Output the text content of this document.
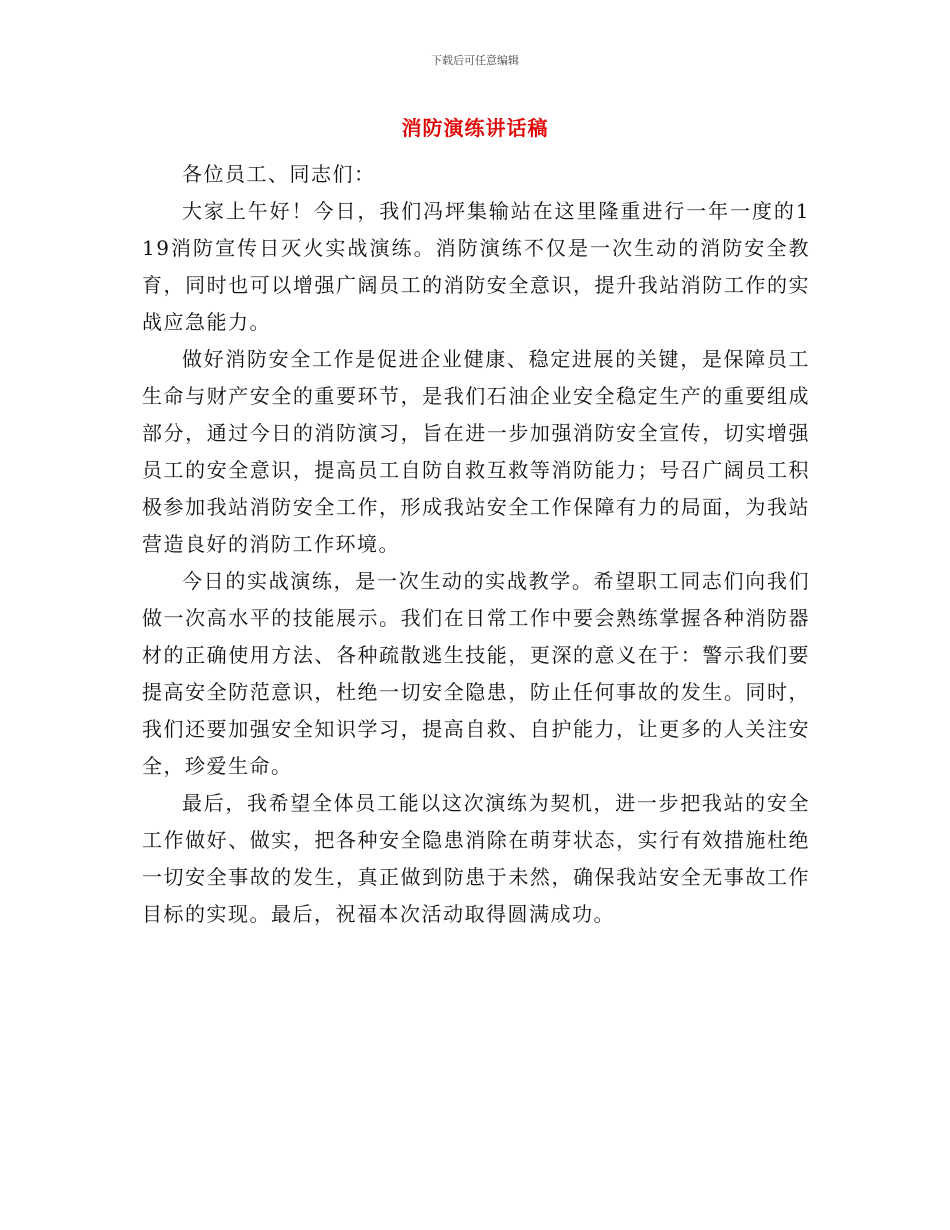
下载后可任意编辑
消防演练讲话稿

各位员工、同志们：

大家上午好！今日，我们冯坪集输站在这里隆重进行一年一度的119消防宣传日灭火实战演练。消防演练不仅是一次生动的消防安全教育，同时也可以增强广阔员工的消防安全意识，提升我站消防工作的实战应急能力。

做好消防安全工作是促进企业健康、稳定进展的关键，是保障员工生命与财产安全的重要环节，是我们石油企业安全稳定生产的重要组成部分，通过今日的消防演习，旨在进一步加强消防安全宣传，切实增强员工的安全意识，提高员工自防自救互救等消防能力；号召广阔员工积极参加我站消防安全工作，形成我站安全工作保障有力的局面，为我站营造良好的消防工作环境。

今日的实战演练，是一次生动的实战教学。希望职工同志们向我们做一次高水平的技能展示。我们在日常工作中要会熟练掌握各种消防器材的正确使用方法、各种疏散逃生技能，更深的意义在于：警示我们要提高安全防范意识，杜绝一切安全隐患，防止任何事故的发生。同时，我们还要加强安全知识学习，提高自救、自护能力，让更多的人关注安全，珍爱生命。

最后，我希望全体员工能以这次演练为契机，进一步把我站的安全工作做好、做实，把各种安全隐患消除在萌芽状态，实行有效措施杜绝一切安全事故的发生，真正做到防患于未然，确保我站安全无事故工作目标的实现。最后，祝福本次活动取得圆满成功。
